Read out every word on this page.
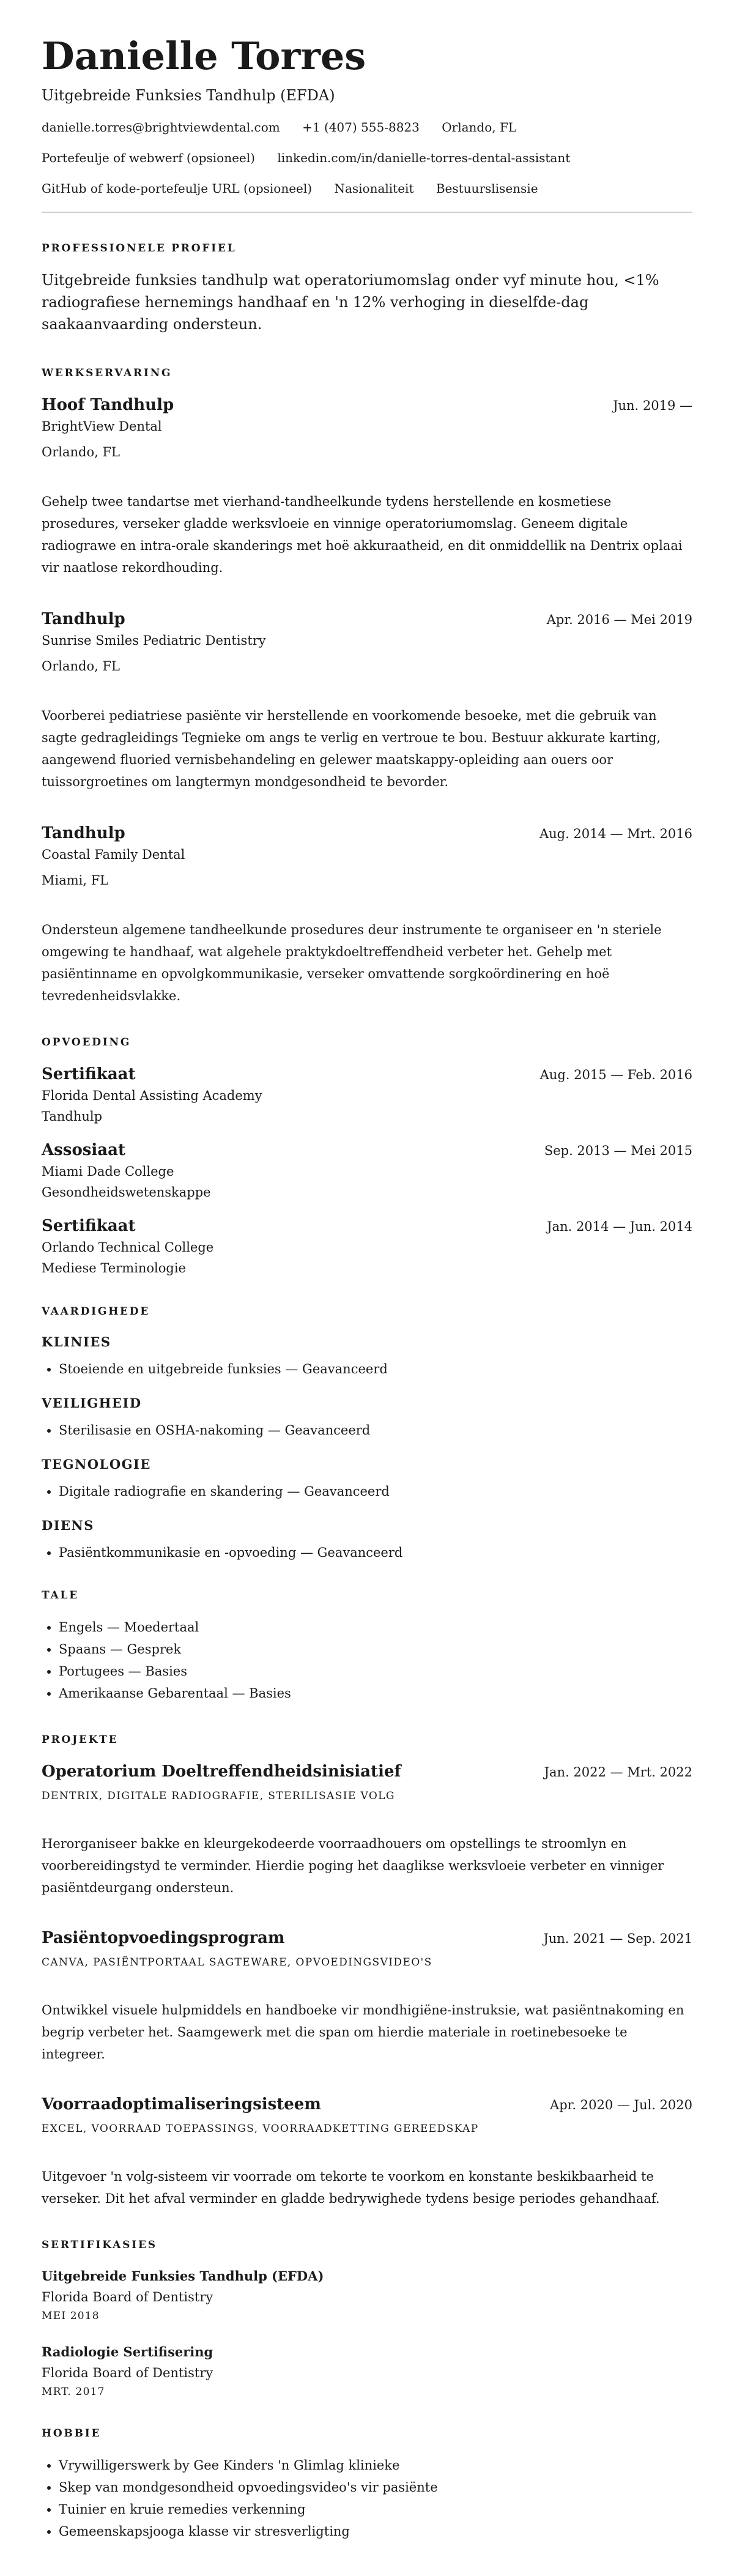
Danielle Torres
Uitgebreide Funksies Tandhulp (EFDA)
danielle.torres@brightviewdental.com +1 (407) 555-8823 Orlando, FL
Portefeulje of webwerf (opsioneel) linkedin.com/in/danielle-torres-dental-assistant
GitHub of kode-portefeulje URL (opsioneel) Nasionaliteit Bestuurslisensie
PROFESSIONELE PROFIEL
Uitgebreide funksies tandhulp wat operatoriumomslag onder vyf minute hou, <1% radiografiese hernemings handhaaf en 'n 12% verhoging in dieselfde-dag saakaanvaarding ondersteun.
WERKSERVARING
Hoof Tandhulp	Jun. 2019 —
BrightView Dental
Orlando, FL
Gehelp twee tandartse met vierhand-tandheelkunde tydens herstellende en kosmetiese prosedures, verseker gladde werksvloeie en vinnige operatoriumomslag. Geneem digitale radiograwe en intra-orale skanderings met hoë akkuraatheid, en dit onmiddellik na Dentrix oplaai vir naatlose rekordhouding.
Tandhulp	Apr. 2016 — Mei 2019
Sunrise Smiles Pediatric Dentistry
Orlando, FL
Voorberei pediatriese pasiënte vir herstellende en voorkomende besoeke, met die gebruik van sagte gedragleidings Tegnieke om angs te verlig en vertroue te bou. Bestuur akkurate karting, aangewend fluoried vernisbehandeling en gelewer maatskappy-opleiding aan ouers oor tuissorgroetines om langtermyn mondgesondheid te bevorder.
Tandhulp	Aug. 2014 — Mrt. 2016
Coastal Family Dental
Miami, FL
Ondersteun algemene tandheelkunde prosedures deur instrumente te organiseer en 'n steriele omgewing te handhaaf, wat algehele praktykdoeltreffendheid verbeter het. Gehelp met pasiëntinname en opvolgkommunikasie, verseker omvattende sorgkoördinering en hoë tevredenheidsvlakke.
OPVOEDING
Sertifikaat	Aug. 2015 — Feb. 2016
Florida Dental Assisting Academy
Tandhulp
Assosiaat	Sep. 2013 — Mei 2015
Miami Dade College
Gesondheidswetenskappe
Sertifikaat	Jan. 2014 — Jun. 2014
Orlando Technical College
Mediese Terminologie
VAARDIGHEDE
KLINIES
• Stoeiende en uitgebreide funksies — Geavanceerd
VEILIGHEID
• Sterilisasie en OSHA-nakoming — Geavanceerd
TEGNOLOGIE
• Digitale radiografie en skandering — Geavanceerd
DIENS
• Pasiëntkommunikasie en -opvoeding — Geavanceerd
TALE
• Engels — Moedertaal
• Spaans — Gesprek
• Portugees — Basies
• Amerikaanse Gebarentaal — Basies
PROJEKTE
Operatorium Doeltreffendheidsinisiatief	Jan. 2022 — Mrt. 2022
DENTRIX, DIGITALE RADIOGRAFIE, STERILISASIE VOLG
Herorganiseer bakke en kleurgekodeerde voorraadhouers om opstellings te stroomlyn en voorbereidingstyd te verminder. Hierdie poging het daaglikse werksvloeie verbeter en vinniger pasiëntdeurgang ondersteun.
Pasiëntopvoedingsprogram	Jun. 2021 — Sep. 2021
CANVA, PASIËNTPORTAAL SAGTEWARE, OPVOEDINGSVIDEO'S
Ontwikkel visuele hulpmiddels en handboeke vir mondhigiëne-instruksie, wat pasiëntnakoming en begrip verbeter het. Saamgewerk met die span om hierdie materiale in roetinebesoeke te integreer.
Voorraadoptimaliseringsisteem	Apr. 2020 — Jul. 2020
EXCEL, VOORRAAD TOEPASSINGS, VOORRAADKETTING GEREEDSKAP
Uitgevoer 'n volg-sisteem vir voorrade om tekorte te voorkom en konstante beskikbaarheid te verseker. Dit het afval verminder en gladde bedrywighede tydens besige periodes gehandhaaf.
SERTIFIKASIES
Uitgebreide Funksies Tandhulp (EFDA)
Florida Board of Dentistry
MEI 2018
Radiologie Sertifisering
Florida Board of Dentistry
MRT. 2017
HOBBIE
• Vrywilligerswerk by Gee Kinders 'n Glimlag klinieke
• Skep van mondgesondheid opvoedingsvideo's vir pasiënte
• Tuinier en kruie remedies verkenning
• Gemeenskapsjooga klasse vir stresverligting
